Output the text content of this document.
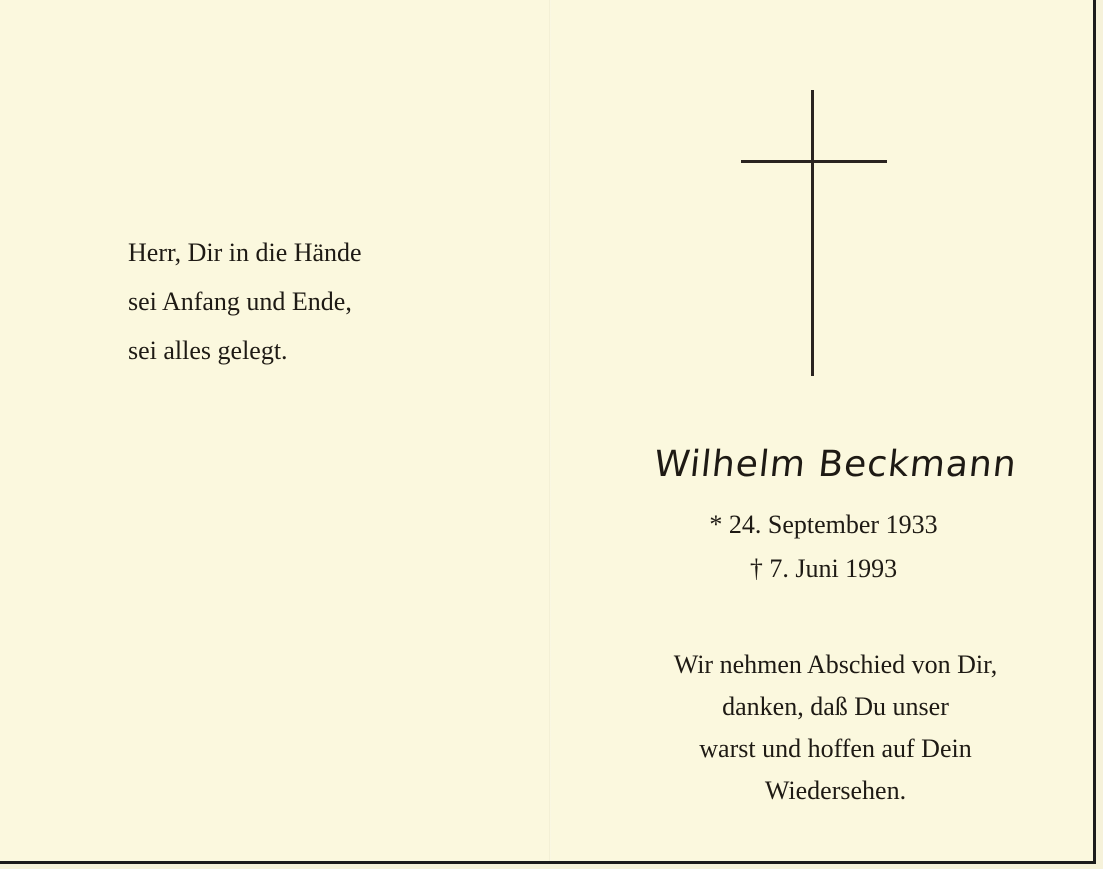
Herr, Dir in die Hände
sei Anfang und Ende,
sei alles gelegt.
Wilhelm Beckmann
* 24. September 1933
† 7. Juni 1993
Wir nehmen Abschied von Dir,
danken, daß Du unser
warst und hoffen auf Dein
Wiedersehen.
